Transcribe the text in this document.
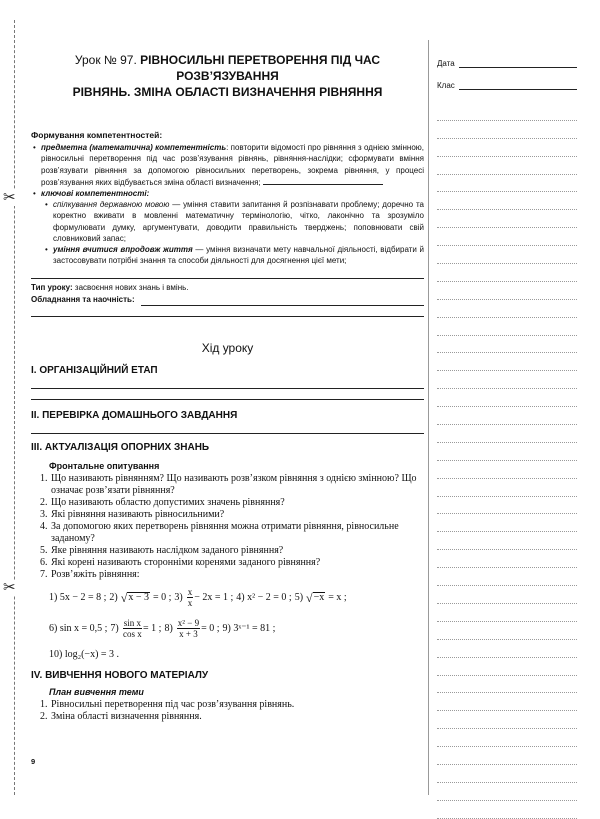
✂
✂
Дата
Клас
Урок № 97. РІВНОСИЛЬНІ ПЕРЕТВОРЕННЯ ПІД ЧАС РОЗВ’ЯЗУВАННЯ
РІВНЯНЬ. ЗМІНА ОБЛАСТІ ВИЗНАЧЕННЯ РІВНЯННЯ
Формування компетентностей:
• предметна (математична) компетентність: повторити відомості про рівняння з однією змінною, рівносильні перетворення під час розв’язування рівнянь, рівняння-наслідки; сформувати вміння розв’язувати рівняння за допомогою рівносильних перетворень, зокрема рівняння, у процесі розв’язування яких відбувається зміна області визначення;
• ключові компетентності:
• спілкування державною мовою — уміння ставити запитання й розпізнавати проблему; доречно та коректно вживати в мовленні математичну термінологію, чітко, лаконічно та зрозуміло формулювати думку, аргументувати, доводити правильність тверджень; поповнювати свій словниковий запас;
• уміння вчитися впродовж життя — уміння визначати мету навчальної діяльності, відбирати й застосовувати потрібні знання та способи діяльності для досягнення цієї мети;
Тип уроку: засвоєння нових знань і вмінь.
Обладнання та наочність:
Хід уроку
І. ОРГАНІЗАЦІЙНИЙ ЕТАП
ІІ. ПЕРЕВІРКА ДОМАШНЬОГО ЗАВДАННЯ
ІІІ. АКТУАЛІЗАЦІЯ ОПОРНИХ ЗНАНЬ
Фронтальне опитування
1. Що називають рівнянням? Що називають розв’язком рівняння з однією змінною? Що означає розв’язати рівняння?
2. Що називають областю допустимих значень рівняння?
3. Які рівняння називають рівносильними?
4. За допомогою яких перетворень рівняння можна отримати рівняння, рівносильне заданому?
5. Яке рівняння називають наслідком заданого рівняння?
6. Які корені називають сторонніми коренями заданого рівняння?
7. Розв’яжіть рівняння:
1) 5x − 2 = 8 ; 2) √ x − 3 = 0 ; $3) \frac{x}{x} - 2x = 1$ ; 4) x² − 2 = 0 ; 5) √ −x = x ;
6) sin x = 0,5 ; $7) \frac{\text{sin x}}{\text{cos x}} = 1$ ; $8) \frac{\text{x² − 9}}{x + 3} = 0$ ; 9) 3ˣ⁻¹ = 81 ;
10) log₂(−x) = 3 .
IV. ВИВЧЕННЯ НОВОГО МАТЕРІАЛУ
План вивчення теми
1. Рівносильні перетворення під час розв’язування рівнянь.
2. Зміна області визначення рівняння.
9
